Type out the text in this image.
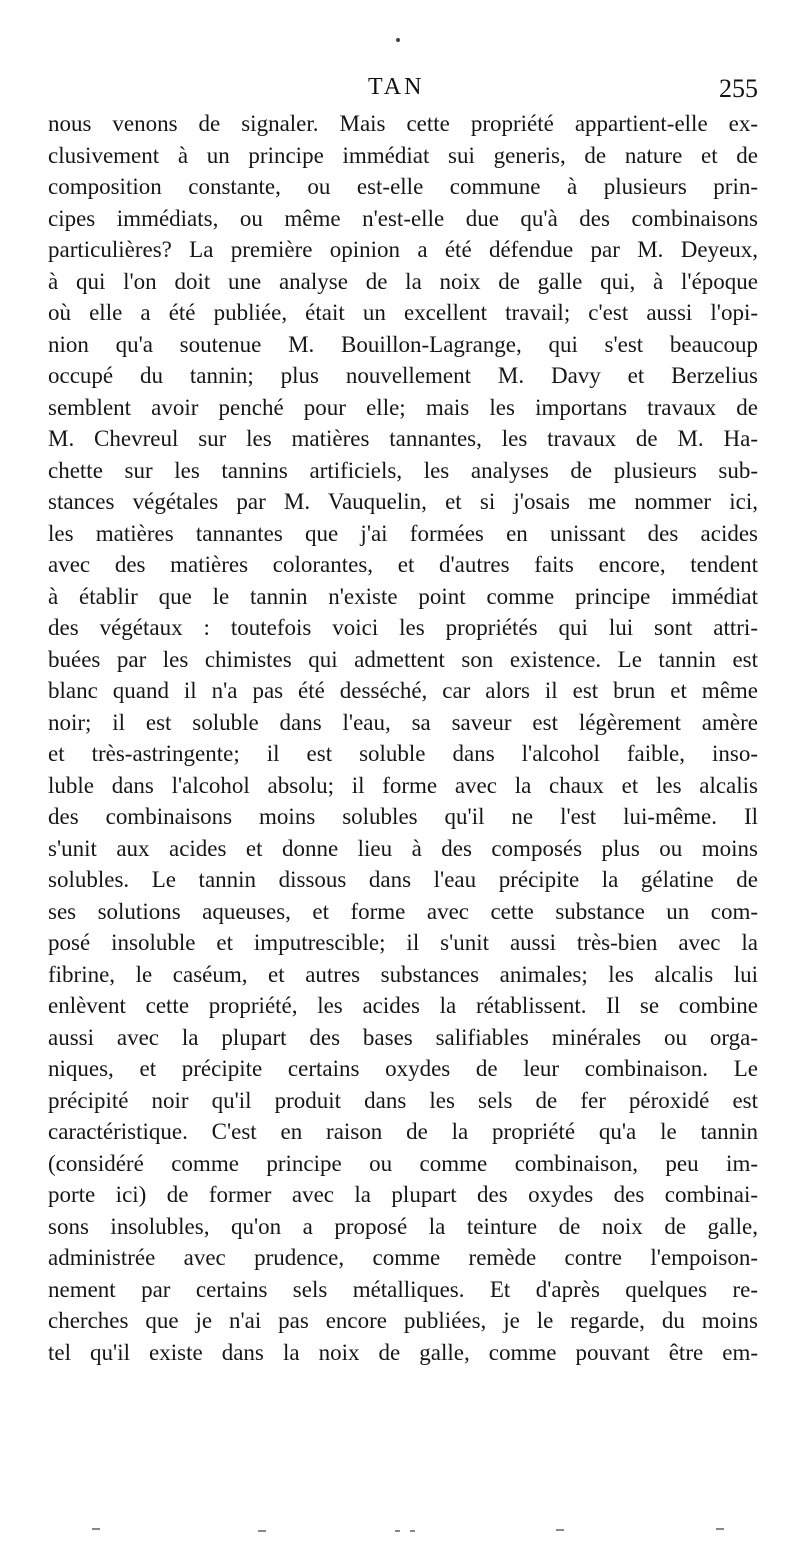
TAN	255
nous venons de signaler. Mais cette propriété appartient-elle ex-
clusivement à un principe immédiat sui generis, de nature et de
composition constante, ou est-elle commune à plusieurs prin-
cipes immédiats, ou même n'est-elle due qu'à des combinaisons
particulières? La première opinion a été défendue par M. Deyeux,
à qui l'on doit une analyse de la noix de galle qui, à l'époque
où elle a été publiée, était un excellent travail; c'est aussi l'opi-
nion qu'a soutenue M. Bouillon-Lagrange, qui s'est beaucoup
occupé du tannin; plus nouvellement M. Davy et Berzelius
semblent avoir penché pour elle; mais les importans travaux de
M. Chevreul sur les matières tannantes, les travaux de M. Ha-
chette sur les tannins artificiels, les analyses de plusieurs sub-
stances végétales par M. Vauquelin, et si j'osais me nommer ici,
les matières tannantes que j'ai formées en unissant des acides
avec des matières colorantes, et d'autres faits encore, tendent
à établir que le tannin n'existe point comme principe immédiat
des végétaux : toutefois voici les propriétés qui lui sont attri-
buées par les chimistes qui admettent son existence. Le tannin est
blanc quand il n'a pas été desséché, car alors il est brun et même
noir; il est soluble dans l'eau, sa saveur est légèrement amère
et très-astringente; il est soluble dans l'alcohol faible, inso-
luble dans l'alcohol absolu; il forme avec la chaux et les alcalis
des combinaisons moins solubles qu'il ne l'est lui-même. Il
s'unit aux acides et donne lieu à des composés plus ou moins
solubles. Le tannin dissous dans l'eau précipite la gélatine de
ses solutions aqueuses, et forme avec cette substance un com-
posé insoluble et imputrescible; il s'unit aussi très-bien avec la
fibrine, le caséum, et autres substances animales; les alcalis lui
enlèvent cette propriété, les acides la rétablissent. Il se combine
aussi avec la plupart des bases salifiables minérales ou orga-
niques, et précipite certains oxydes de leur combinaison. Le
précipité noir qu'il produit dans les sels de fer péroxidé est
caractéristique. C'est en raison de la propriété qu'a le tannin
(considéré comme principe ou comme combinaison, peu im-
porte ici) de former avec la plupart des oxydes des combinai-
sons insolubles, qu'on a proposé la teinture de noix de galle,
administrée avec prudence, comme remède contre l'empoison-
nement par certains sels métalliques. Et d'après quelques re-
cherches que je n'ai pas encore publiées, je le regarde, du moins
tel qu'il existe dans la noix de galle, comme pouvant être em-
